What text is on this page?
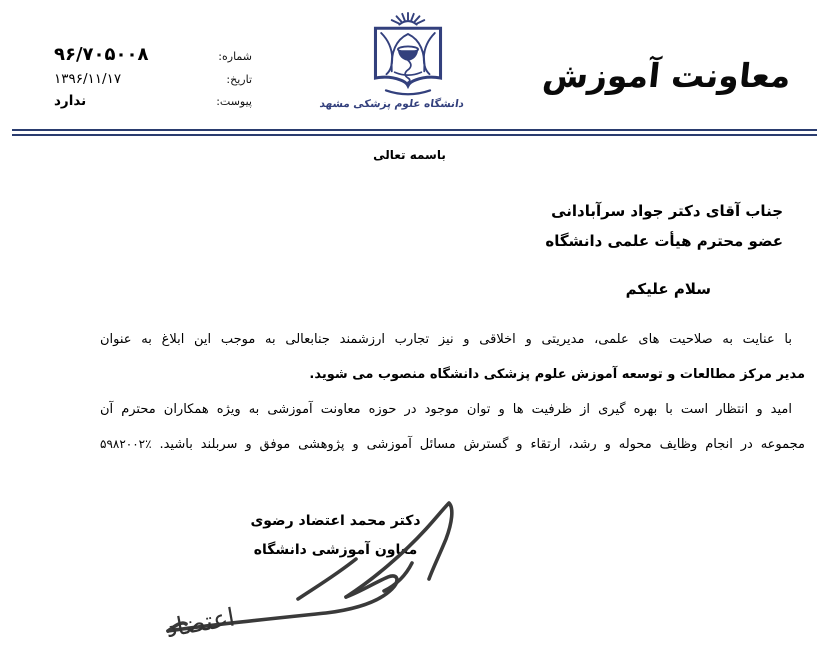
شماره:
۹۶/۷۰۵۰۰۸
تاریخ:
۱۳۹۶/۱۱/۱۷
پیوست:
ندارد	دانشگاه علوم پزشکی مشهد
معاونت آموزش
باسمه تعالی
جناب آقای دکتر جواد سرآبادانی
عضو محترم هیأت علمی دانشگاه
سلام علیکم
با عنایت به صلاحیت های علمی، مدیریتی و اخلاقی و نیز تجارب ارزشمند جنابعالی به موجب این ابلاغ به عنوان
مدیر مرکز مطالعات و توسعه آموزش علوم پزشکی دانشگاه منصوب می شوید.
امید و انتظار است با بهره گیری از ظرفیت ها و توان موجود در حوزه معاونت آموزشی به ویژه همکاران محترم آن
مجموعه در انجام وظایف محوله و رشد، ارتقاء و گسترش مسائل آموزشی و پژوهشی موفق و سربلند باشید. ۵۹۸۲۰۰۲٪
دکتر محمد اعتضاد رضوی
معاون آموزشی دانشگاه
اعتضاد
